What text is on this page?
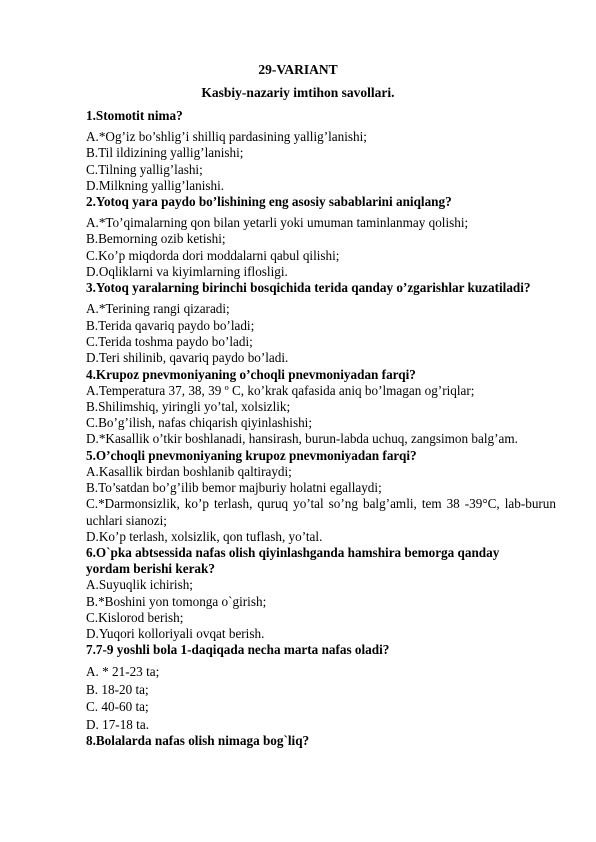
29-VARIANT
Kasbiy-nazariy imtihon savollari.
1.Stomotit nima?
A.*Og’iz bo’shlig’i shilliq pardasining yallig’lanishi;
B.Til ildizining yallig’lanishi;
C.Tilning yallig’lashi;
D.Milkning yallig’lanishi.
2.Yotoq yara paydo bo’lishining eng asosiy sabablarini aniqlang?
A.*To’qimalarning qon bilan yetarli yoki umuman taminlanmay qolishi;
B.Bemorning ozib ketishi;
C.Ko’p miqdorda dori moddalarni qabul qilishi;
D.Oqliklarni va kiyimlarning iflosligi.
3.Yotoq yaralarning birinchi bosqichida terida qanday o’zgarishlar kuzatiladi?
A.*Terining rangi qizaradi;
B.Terida qavariq paydo bo’ladi;
C.Terida toshma paydo bo’ladi;
D.Teri shilinib, qavariq paydo bo’ladi.
4.Krupoz pnevmoniyaning o’choqli pnevmoniyadan farqi?
A.Temperatura 37, 38, 39 º C, ko’krak qafasida aniq bo’lmagan og’riqlar;
B.Shilimshiq, yiringli yo’tal, xolsizlik;
C.Bo’g’ilish, nafas chiqarish qiyinlashishi;
D.*Kasallik o’tkir boshlanadi, hansirash, burun-labda uchuq, zangsimon balg’am.
5.O’choqli pnevmoniyaning krupoz pnevmoniyadan farqi?
A.Kasallik birdan boshlanib qaltiraydi;
B.To’satdan bo’g’ilib bemor majburiy holatni egallaydi;
C.*Darmonsizlik, ko’p terlash, quruq yo’tal so’ng balg’amli, tem 38 -39°C, lab-burun uchlari sianozi;
D.Ko’p terlash, xolsizlik, qon tuflash, yo’tal.
6.O`pka abtsessida nafas olish qiyinlashganda hamshira bemorga qanday yordam berishi kerak?
A.Suyuqlik ichirish;
B.*Boshini yon tomonga o`girish;
C.Kislorod berish;
D.Yuqori kolloriyali ovqat berish.
7.7-9 yoshli bola 1-daqiqada necha marta nafas oladi?
A. * 21-23 ta;
B. 18-20 ta;
C. 40-60 ta;
D. 17-18 ta.
8.Bolalarda nafas olish nimaga bog`liq?
